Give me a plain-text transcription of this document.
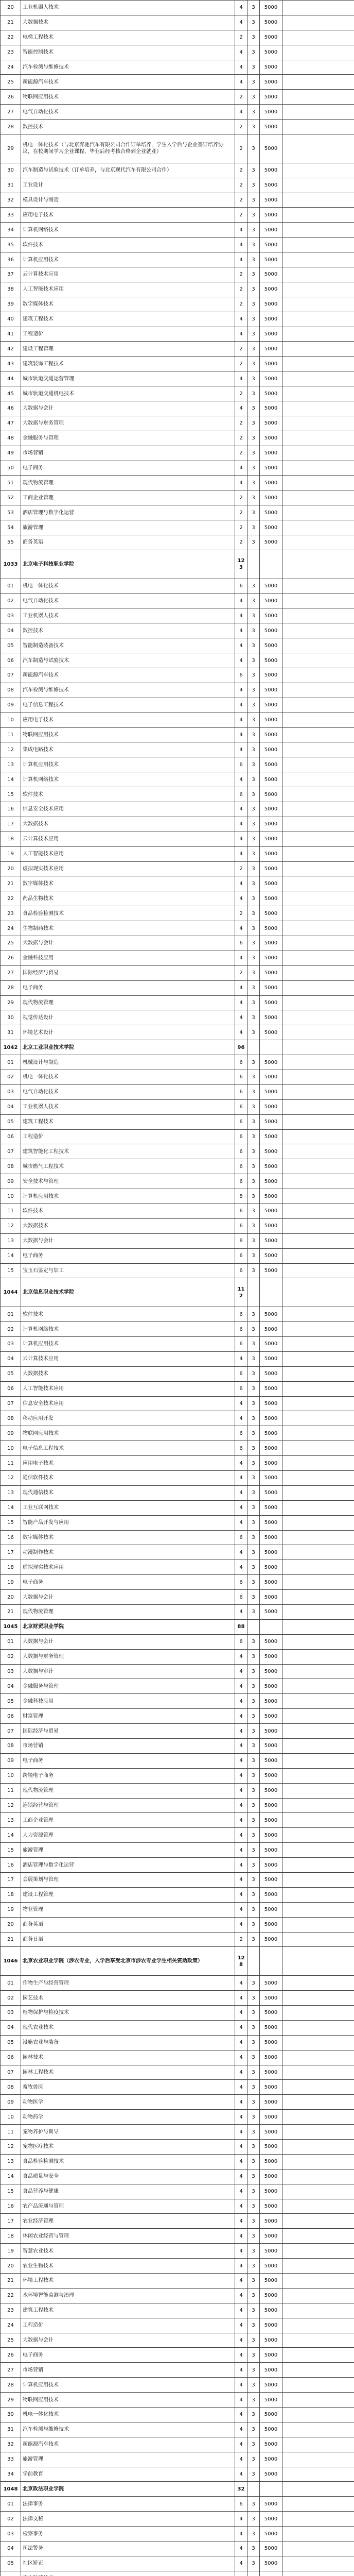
20	工业机器人技术	4	3	5000	
21	大数据技术	4	3	5000	
22	电梯工程技术	2	3	5000	
23	智能控制技术	4	3	5000	
24	汽车检测与维修技术	4	3	5000	
25	新能源汽车技术	4	3	5000	
26	物联网应用技术	2	3	5000	
27	电气自动化技术	4	3	5000	
28	数控技术	2	3	5000	
29	机电一体化技术（与北京奔驰汽车有限公司合作订单培养，学生入学后与企业签订培养协议，在校期间学习企业课程，毕业后经考核合格到企业就业）	2	3	5000	
30	汽车制造与试验技术（订单培养，与北京现代汽车有限公司合作）	2	3	5000	
31	工业设计	2	3	5000	
32	模具设计与制造	2	3	5000	
33	应用电子技术	2	3	5000	
34	计算机网络技术	4	3	5000	
35	软件技术	4	3	5000	
36	计算机应用技术	4	3	5000	
37	云计算技术应用	2	3	5000	
38	人工智能技术应用	2	3	5000	
39	数字媒体技术	2	3	5000	
40	建筑工程技术	4	3	5000	
41	工程造价	4	3	5000	
42	建设工程管理	2	3	5000	
43	建筑装饰工程技术	2	3	5000	
44	城市轨道交通运营管理	4	3	5000	
45	城市轨道交通机电技术	2	3	5000	
46	大数据与会计	4	3	5000	
47	大数据与财务管理	2	3	5000	
48	金融服务与管理	2	3	5000	
49	市场营销	2	3	5000	
50	电子商务	4	3	5000	
51	现代物流管理	4	3	5000	
52	工商企业管理	2	3	5000	
53	酒店管理与数字化运营	2	3	5000	
54	旅游管理	2	3	5000	
55	商务英语	2	3	5000	
1033	北京电子科技职业学院	123			
01	机电一体化技术	6	3	5000	
02	电气自动化技术	4	3	5000	
03	工业机器人技术	4	3	5000	
04	数控技术	4	3	5000	
05	智能制造装备技术	4	3	5000	
06	汽车制造与试验技术	4	3	5000	
07	新能源汽车技术	6	3	5000	
08	汽车检测与维修技术	4	3	5000	
09	电子信息工程技术	4	3	5000	
10	应用电子技术	4	3	5000	
11	物联网应用技术	4	3	5000	
12	集成电路技术	4	3	5000	
13	计算机应用技术	6	3	5000	
14	计算机网络技术	4	3	5000	
15	软件技术	6	3	5000	
16	信息安全技术应用	4	3	5000	
17	大数据技术	4	3	5000	
18	云计算技术应用	4	3	5000	
19	人工智能技术应用	4	3	5000	
20	虚拟现实技术应用	2	3	5000	
21	数字媒体技术	4	3	5000	
22	药品生物技术	4	3	5000	
23	食品检验检测技术	2	3	5000	
24	生物制药技术	4	3	5000	
25	大数据与会计	6	3	5000	
26	金融科技应用	4	3	5000	
27	国际经济与贸易	2	3	5000	
28	电子商务	4	3	5000	
29	现代物流管理	4	3	5000	
30	视觉传达设计	4	3	5000	
31	环境艺术设计	4	3	5000	
1042	北京工业职业技术学院	96			
01	机械设计与制造	6	3	5000	
02	机电一体化技术	6	3	5000	
03	电气自动化技术	6	3	5000	
04	工业机器人技术	6	3	5000	
05	建筑工程技术	6	3	5000	
06	工程造价	6	3	5000	
07	建筑智能化工程技术	6	3	5000	
08	城市燃气工程技术	6	3	5000	
09	安全技术与管理	6	3	5000	
10	计算机应用技术	8	3	5000	
11	软件技术	6	3	5000	
12	大数据技术	6	3	5000	
13	大数据与会计	8	3	5000	
14	电子商务	6	3	5000	
15	宝玉石鉴定与加工	6	3	5000	
1044	北京信息职业技术学院	112			
01	软件技术	6	3	5000	
02	计算机网络技术	6	3	5000	
03	计算机应用技术	6	3	5000	
04	云计算技术应用	4	3	5000	
05	大数据技术	6	3	5000	
06	人工智能技术应用	6	3	5000	
07	信息安全技术应用	4	3	5000	
08	移动应用开发	4	3	5000	
09	物联网应用技术	6	3	5000	
10	电子信息工程技术	6	3	5000	
11	应用电子技术	4	3	5000	
12	通信软件技术	4	3	5000	
13	现代通信技术	4	3	5000	
14	工业互联网技术	4	3	5000	
15	智能产品开发与应用	4	3	5000	
16	数字媒体技术	6	3	5000	
17	动漫制作技术	4	3	5000	
18	虚拟现实技术应用	4	3	5000	
19	电子商务	6	3	5000	
20	大数据与会计	6	3	5000	
21	现代物流管理	4	3	5000	
1045	北京财贸职业学院	88			
01	大数据与会计	6	3	5000	
02	大数据与财务管理	4	3	5000	
03	大数据与审计	4	3	5000	
04	金融服务与管理	4	3	5000	
05	金融科技应用	4	3	5000	
06	财富管理	4	3	5000	
07	国际经济与贸易	4	3	5000	
08	市场营销	4	3	5000	
09	电子商务	4	3	5000	
10	跨境电子商务	4	3	5000	
11	现代物流管理	4	3	5000	
12	连锁经营与管理	4	3	5000	
13	工商企业管理	4	3	5000	
14	人力资源管理	4	3	5000	
15	旅游管理	4	3	5000	
16	酒店管理与数字化运营	4	3	5000	
17	会展策划与管理	4	3	5000	
18	建设工程管理	4	3	5000	
19	物业管理	4	3	5000	
20	商务英语	4	3	5000	
21	商务日语	2	3	5000	
1046	北京农业职业学院（涉农专业，入学后享受北京市涉农专业学生相关资助政策）	128			
01	作物生产与经营管理	4	3	5000	
02	园艺技术	4	3	5000	
03	植物保护与检疫技术	4	3	5000	
04	现代农业技术	4	3	5000	
05	设施农业与装备	4	3	5000	
06	园林技术	4	3	5000	
07	园林工程技术	4	3	5000	
08	畜牧兽医	4	3	5000	
09	动物医学	4	3	5000	
10	动物药学	4	3	5000	
11	宠物养护与训导	4	3	5000	
12	宠物医疗技术	4	3	5000	
13	食品检验检测技术	4	3	5000	
14	食品质量与安全	4	3	5000	
15	食品营养与健康	4	3	5000	
16	农产品流通与管理	4	3	5000	
17	农业经济管理	4	3	5000	
18	休闲农业经营与管理	4	3	5000	
19	智慧农业技术	4	3	5000	
20	农业生物技术	4	3	5000	
21	环境工程技术	4	3	5000	
22	水环境智能监测与治理	4	3	5000	
23	建筑工程技术	4	3	5000	
24	工程造价	4	3	5000	
25	大数据与会计	4	3	5000	
26	电子商务	4	3	5000	
27	市场营销	4	3	5000	
28	计算机应用技术	4	3	5000	
29	物联网应用技术	4	3	5000	
30	机电一体化技术	4	3	5000	
31	汽车检测与维修技术	4	3	5000	
32	新能源汽车技术	4	3	5000	
33	旅游管理	4	3	5000	
34	学前教育	4	3	5000	
1048	北京政法职业学院	32			
01	法律事务	6	3	5000	
02	法律文秘	4	3	5000	
03	检察事务	4	3	5000	
04	司法警务	4	3	5000	
05	社区矫正	4	3	5000	
